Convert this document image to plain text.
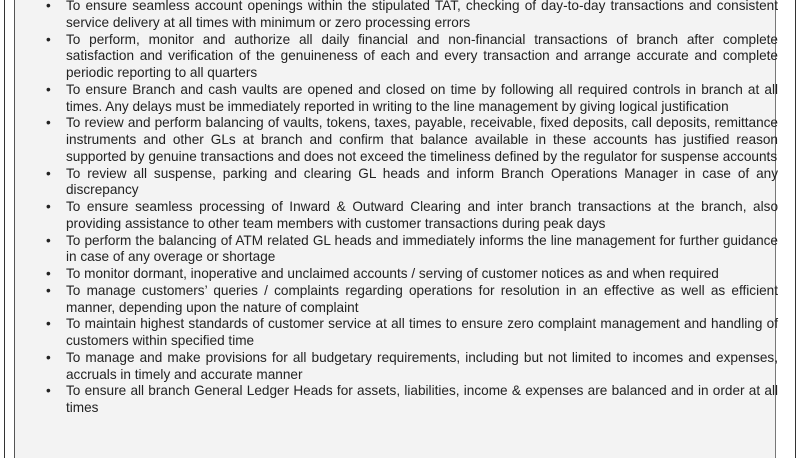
• To ensure seamless account openings within the stipulated TAT, checking of day-to-day transactions and consistent service delivery at all times with minimum or zero processing errors
• To perform, monitor and authorize all daily financial and non-financial transactions of branch after complete satisfaction and verification of the genuineness of each and every transaction and arrange accurate and complete periodic reporting to all quarters
• To ensure Branch and cash vaults are opened and closed on time by following all required controls in branch at all times. Any delays must be immediately reported in writing to the line management by giving logical justification
• To review and perform balancing of vaults, tokens, taxes, payable, receivable, fixed deposits, call deposits, remittance instruments and other GLs at branch and confirm that balance available in these accounts has justified reason supported by genuine transactions and does not exceed the timeliness defined by the regulator for suspense accounts
• To review all suspense, parking and clearing GL heads and inform Branch Operations Manager in case of any discrepancy
• To ensure seamless processing of Inward & Outward Clearing and inter branch transactions at the branch, also providing assistance to other team members with customer transactions during peak days
• To perform the balancing of ATM related GL heads and immediately informs the line management for further guidance in case of any overage or shortage
• To monitor dormant, inoperative and unclaimed accounts / serving of customer notices as and when required
• To manage customers’ queries / complaints regarding operations for resolution in an effective as well as efficient manner, depending upon the nature of complaint
• To maintain highest standards of customer service at all times to ensure zero complaint management and handling of customers within specified time
• To manage and make provisions for all budgetary requirements, including but not limited to incomes and expenses, accruals in timely and accurate manner
• To ensure all branch General Ledger Heads for assets, liabilities, income & expenses are balanced and in order at all times
